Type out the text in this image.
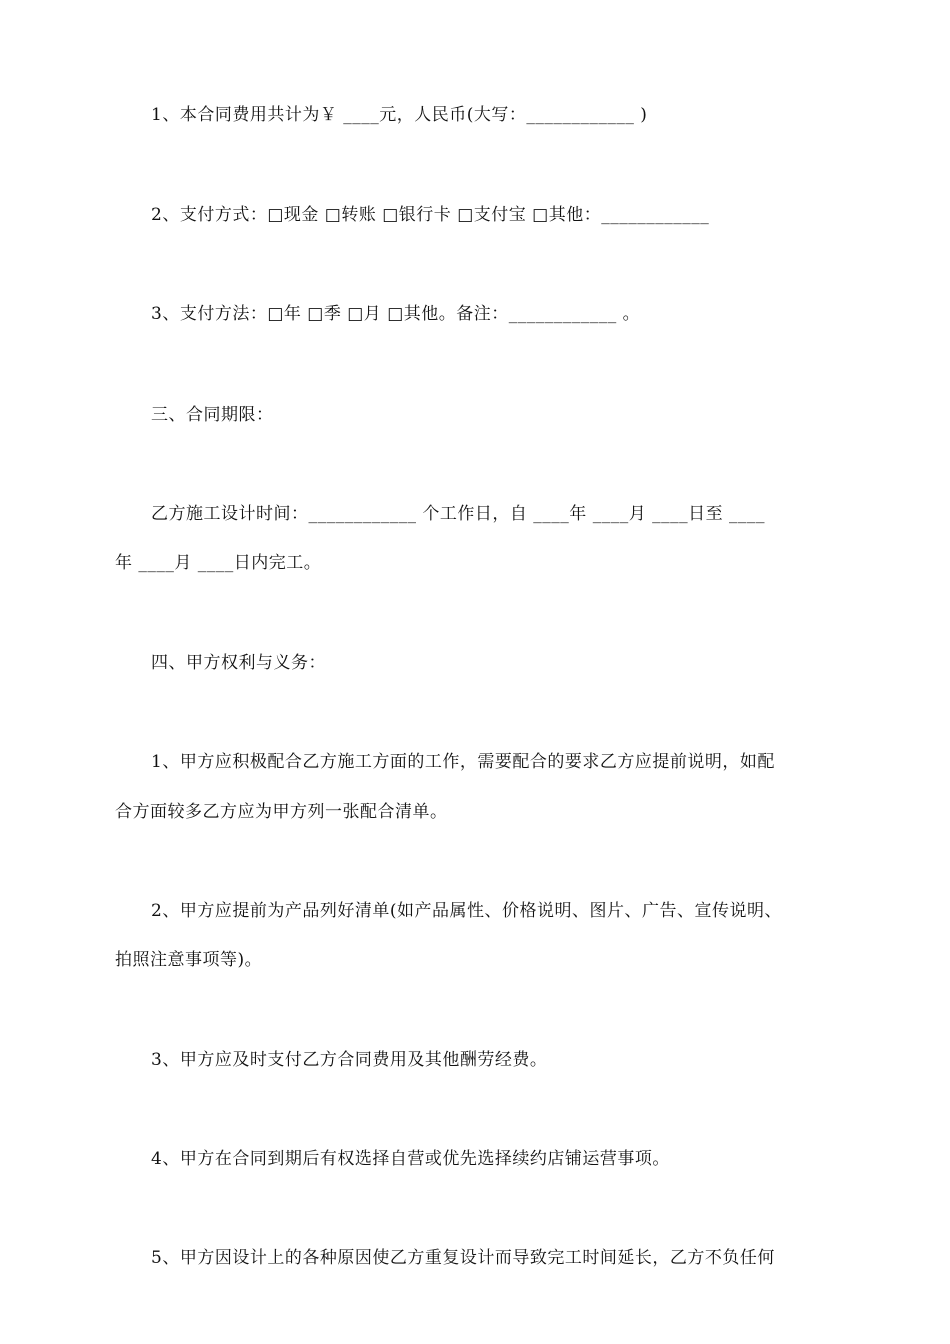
1、本合同费用共计为￥ ____元，人民币(大写：____________ )
2、支付方式：□现金 □转账 □银行卡 □支付宝 □其他：____________
3、支付方法：□年 □季 □月 □其他。备注：____________ 。
三、合同期限：
乙方施工设计时间：____________ 个工作日，自 ____年 ____月 ____日至 ____
年 ____月 ____日内完工。
四、甲方权利与义务：
1、甲方应积极配合乙方施工方面的工作，需要配合的要求乙方应提前说明，如配
合方面较多乙方应为甲方列一张配合清单。
2、甲方应提前为产品列好清单(如产品属性、价格说明、图片、广告、宣传说明、
拍照注意事项等)。
3、甲方应及时支付乙方合同费用及其他酬劳经费。
4、甲方在合同到期后有权选择自营或优先选择续约店铺运营事项。
5、甲方因设计上的各种原因使乙方重复设计而导致完工时间延长，乙方不负任何
